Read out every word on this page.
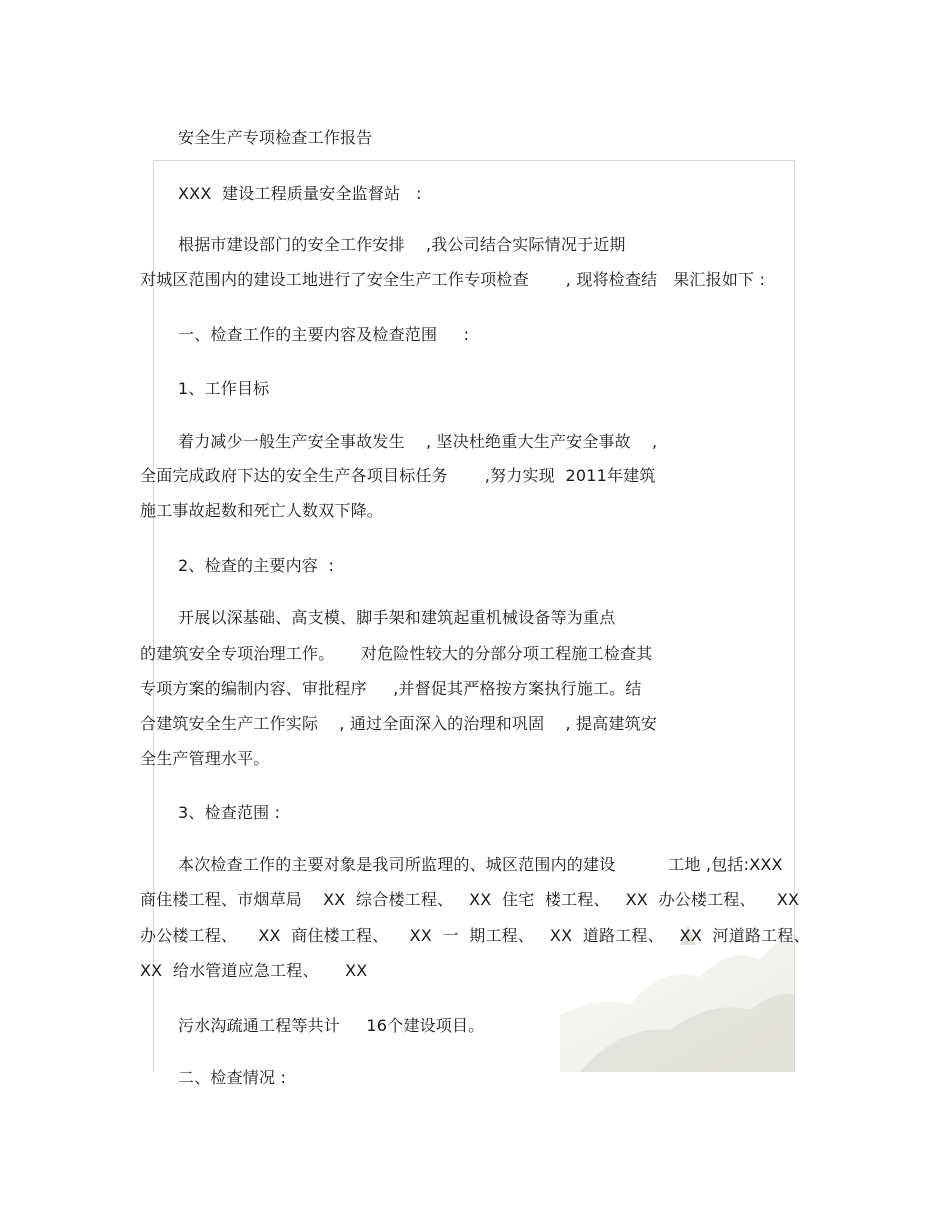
安全生产专项检查工作报告
XXX  建设工程质量安全监督站   :
根据市建设部门的安全工作安排    ,我公司结合实际情况于近期
对城区范围内的建设工地进行了安全生产工作专项检查       , 现将检查结   果汇报如下 :
一、检查工作的主要内容及检查范围     :
1、工作目标
着力减少一般生产安全事故发生    , 坚决杜绝重大生产安全事故    ,
全面完成政府下达的安全生产各项目标任务       ,努力实现  2011年建筑
施工事故起数和死亡人数双下降。
2、检查的主要内容  :
开展以深基础、高支模、脚手架和建筑起重机械设备等为重点
的建筑安全专项治理工作。     对危险性较大的分部分项工程施工检查其
专项方案的编制内容、审批程序     ,并督促其严格按方案执行施工。结
合建筑安全生产工作实际    , 通过全面深入的治理和巩固    , 提高建筑安
全生产管理水平。
3、检查范围 :
本次检查工作的主要对象是我司所监理的、城区范围内的建设          工地 ,包括:XXX
商住楼工程、市烟草局    XX  综合楼工程、   XX  住宅  楼工程、   XX  办公楼工程、    XX
办公楼工程、    XX  商住楼工程、    XX  一  期工程、   XX  道路工程、   XX  河道路工程、
XX  给水管道应急工程、     XX
污水沟疏通工程等共计     16个建设项目。
二、检查情况 :
